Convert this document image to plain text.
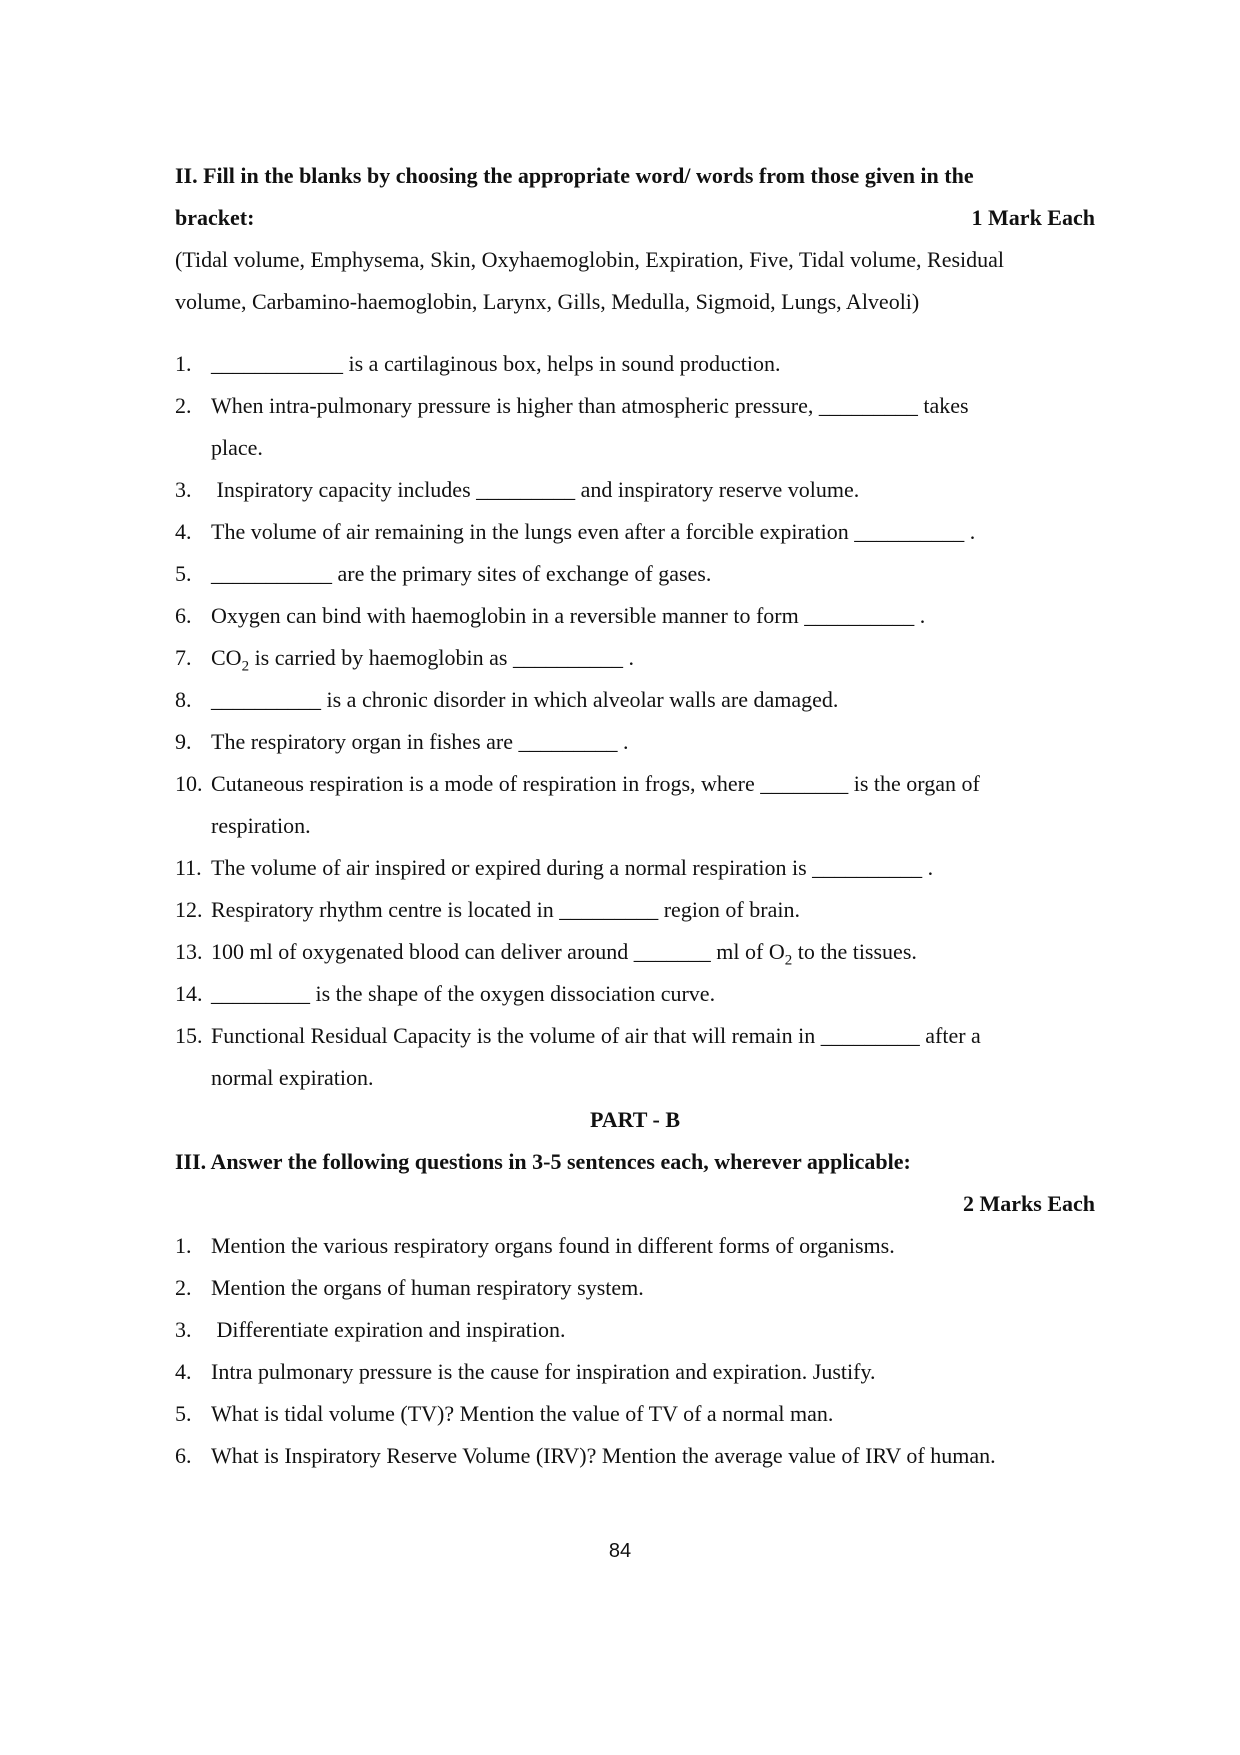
II. Fill in the blanks by choosing the appropriate word/ words from those given in the
bracket:	1 Mark Each
(Tidal volume, Emphysema, Skin, Oxyhaemoglobin, Expiration, Five, Tidal volume, Residual
volume, Carbamino-haemoglobin, Larynx, Gills, Medulla, Sigmoid, Lungs, Alveoli)
1. ____________ is a cartilaginous box, helps in sound production.
2. When intra-pulmonary pressure is higher than atmospheric pressure, _________ takes
place.
3. Inspiratory capacity includes _________ and inspiratory reserve volume.
4. The volume of air remaining in the lungs even after a forcible expiration __________ .
5. ___________ are the primary sites of exchange of gases.
6. Oxygen can bind with haemoglobin in a reversible manner to form __________ .
7. $CO_2$ is carried by haemoglobin as __________ .
8. __________ is a chronic disorder in which alveolar walls are damaged.
9. The respiratory organ in fishes are _________ .
10. Cutaneous respiration is a mode of respiration in frogs, where ________ is the organ of
respiration.
11. The volume of air inspired or expired during a normal respiration is __________ .
12. Respiratory rhythm centre is located in _________ region of brain.
13. 100 ml of oxygenated blood can deliver around _______ ml of $O_2$ to the tissues.
14. _________ is the shape of the oxygen dissociation curve.
15. Functional Residual Capacity is the volume of air that will remain in _________ after a
normal expiration.
PART - B
III. Answer the following questions in 3-5 sentences each, wherever applicable:
2 Marks Each
1. Mention the various respiratory organs found in different forms of organisms.
2. Mention the organs of human respiratory system.
3. Differentiate expiration and inspiration.
4. Intra pulmonary pressure is the cause for inspiration and expiration. Justify.
5. What is tidal volume (TV)? Mention the value of TV of a normal man.
6. What is Inspiratory Reserve Volume (IRV)? Mention the average value of IRV of human.
84
